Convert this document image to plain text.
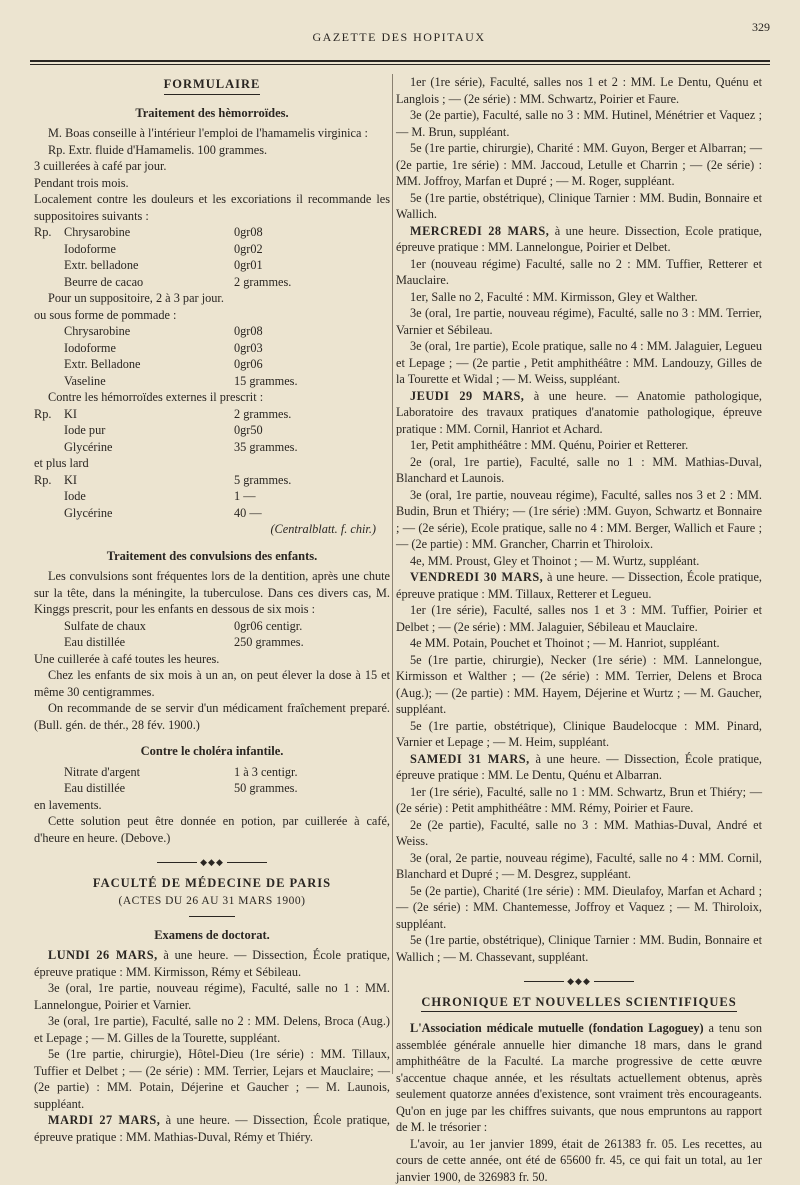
GAZETTE DES HOPITAUX
329
FORMULAIRE
Traitement des hèmorroïdes.

M. Boas conseille à l'intérieur l'emploi de l'hamamelis virginica :

Rp. Extr. fluide d'Hamamelis. 100 grammes.

3 cuillerées à café par jour.

Pendant trois mois.

Localement contre les douleurs et les excoriations il recommande les suppositoires suivants :

Rp.	Chrysarobine	0gr08
Iodoforme	0gr02
Extr. belladone	0gr01
Beurre de cacao	2 grammes.

Pour un suppositoire, 2 à 3 par jour.

ou sous forme de pommade :

Chrysarobine	0gr08
Iodoforme	0gr03
Extr. Belladone	0gr06
Vaseline	15 grammes.

Contre les hémorroïdes externes il prescrit :

Rp.	KI	2 grammes.
Iode pur	0gr50
Glycérine	35 grammes.

et plus lard

Rp.	KI	5 grammes.
Iode	1 —
Glycérine	40 —

(Centralblatt. f. chir.)

Traitement des convulsions des enfants.

Les convulsions sont fréquentes lors de la dentition, après une chute sur la tête, dans la méningite, la tuberculose. Dans ces divers cas, M. Kinggs prescrit, pour les enfants en dessous de six mois :

Sulfate de chaux	0gr06 centigr.
Eau distillée	250 grammes.

Une cuillerée à café toutes les heures.

Chez les enfants de six mois à un an, on peut élever la dose à 15 et même 30 centigrammes.

On recommande de se servir d'un médicament fraîchement preparé. (Bull. gén. de thér., 28 fév. 1900.)

Contre le choléra infantile.
Nitrate d'argent	1 à 3 centigr.
Eau distillée	50 grammes.

en lavements.

Cette solution peut être donnée en potion, par cuillerée à café, d'heure en heure. (Debove.)

◆◆◆
FACULTÉ DE MÉDECINE DE PARIS
(ACTES DU 26 AU 31 MARS 1900)
Examens de doctorat.

LUNDI 26 MARS, à une heure. — Dissection, École pratique, épreuve pratique : MM. Kirmisson, Rémy et Sébileau.

3e (oral, 1re partie, nouveau régime), Faculté, salle no 1 : MM. Lannelongue, Poirier et Varnier.

3e (oral, 1re partie), Faculté, salle no 2 : MM. Delens, Broca (Aug.) et Lepage ; — M. Gilles de la Tourette, suppléant.

5e (1re partie, chirurgie), Hôtel-Dieu (1re série) : MM. Tillaux, Tuffier et Delbet ; — (2e série) : MM. Terrier, Lejars et Mauclaire; — (2e partie) : MM. Potain, Déjerine et Gaucher ; — M. Launois, suppléant.

MARDI 27 MARS, à une heure. — Dissection, École pratique, épreuve pratique : MM. Mathias-Duval, Rémy et Thiéry.

1er (1re série), Faculté, salles nos 1 et 2 : MM. Le Dentu, Quénu et Langlois ; — (2e série) : MM. Schwartz, Poirier et Faure.

3e (2e partie), Faculté, salle no 3 : MM. Hutinel, Ménétrier et Vaquez ; — M. Brun, suppléant.

5e (1re partie, chirurgie), Charité : MM. Guyon, Berger et Albarran; — (2e partie, 1re série) : MM. Jaccoud, Letulle et Charrin ; — (2e série) : MM. Joffroy, Marfan et Dupré ; — M. Roger, suppléant.

5e (1re partie, obstétrique), Clinique Tarnier : MM. Budin, Bonnaire et Wallich.

MERCREDI 28 MARS, à une heure. Dissection, Ecole pratique, épreuve pratique : MM. Lannelongue, Poirier et Delbet.

1er (nouveau régime) Faculté, salle no 2 : MM. Tuffier, Retterer et Mauclaire.

1er, Salle no 2, Faculté : MM. Kirmisson, Gley et Walther.

3e (oral, 1re partie, nouveau régime), Faculté, salle no 3 : MM. Terrier, Varnier et Sébileau.

3e (oral, 1re partie), Ecole pratique, salle no 4 : MM. Jalaguier, Legueu et Lepage ; — (2e partie , Petit amphithéâtre : MM. Landouzy, Gilles de la Tourette et Widal ; — M. Weiss, suppléant.

JEUDI 29 MARS, à une heure. — Anatomie pathologique, Laboratoire des travaux pratiques d'anatomie pathologique, épreuve pratique : MM. Cornil, Hanriot et Achard.

1er, Petit amphithéâtre : MM. Quénu, Poirier et Retterer.

2e (oral, 1re partie), Faculté, salle no 1 : MM. Mathias-Duval, Blanchard et Launois.

3e (oral, 1re partie, nouveau régime), Faculté, salles nos 3 et 2 : MM. Budin, Brun et Thiéry; — (1re série) :MM. Guyon, Schwartz et Bonnaire ; — (2e série), Ecole pratique, salle no 4 : MM. Berger, Wallich et Faure ; — (2e partie) : MM. Grancher, Charrin et Thiroloix.

4e, MM. Proust, Gley et Thoinot ; — M. Wurtz, suppléant.

VENDREDI 30 MARS, à une heure. — Dissection, École pratique, épreuve pratique : MM. Tillaux, Retterer et Legueu.

1er (1re série), Faculté, salles nos 1 et 3 : MM. Tuffier, Poirier et Delbet ; — (2e série) : MM. Jalaguier, Sébileau et Mauclaire.

4e MM. Potain, Pouchet et Thoinot ; — M. Hanriot, suppléant.

5e (1re partie, chirurgie), Necker (1re série) : MM. Lannelongue, Kirmisson et Walther ; — (2e série) : MM. Terrier, Delens et Broca (Aug.); — (2e partie) : MM. Hayem, Déjerine et Wurtz ; — M. Gaucher, suppléant.

5e (1re partie, obstétrique), Clinique Baudelocque : MM. Pinard, Varnier et Lepage ; — M. Heim, suppléant.

SAMEDI 31 MARS, à une heure. — Dissection, École pratique, épreuve pratique : MM. Le Dentu, Quénu et Albarran.

1er (1re série), Faculté, salle no 1 : MM. Schwartz, Brun et Thiéry; — (2e série) : Petit amphithéâtre : MM. Rémy, Poirier et Faure.

2e (2e partie), Faculté, salle no 3 : MM. Mathias-Duval, André et Weiss.

3e (oral, 2e partie, nouveau régime), Faculté, salle no 4 : MM. Cornil, Blanchard et Dupré ; — M. Desgrez, suppléant.

5e (2e partie), Charité (1re série) : MM. Dieulafoy, Marfan et Achard ; — (2e série) : MM. Chantemesse, Joffroy et Vaquez ; — M. Thiroloix, suppléant.

5e (1re partie, obstétrique), Clinique Tarnier : MM. Budin, Bonnaire et Wallich ; — M. Chassevant, suppléant.

◆◆◆
CHRONIQUE ET NOUVELLES SCIENTIFIQUES

L'Association médicale mutuelle (fondation Lagoguey) a tenu son assemblée générale annuelle hier dimanche 18 mars, dans le grand amphithéâtre de la Faculté. La marche progressive de cette œuvre s'accentue chaque année, et les résultats actuellement obtenus, après seulement quatorze années d'existence, sont vraiment très encourageants. Qu'on en juge par les chiffres suivants, que nous empruntons au rapport de M. le trésorier :

L'avoir, au 1er janvier 1899, était de 261383 fr. 05. Les recettes, au cours de cette année, ont été de 65600 fr. 45, ce qui fait un total, au 1er janvier 1900, de 326983 fr. 50.
